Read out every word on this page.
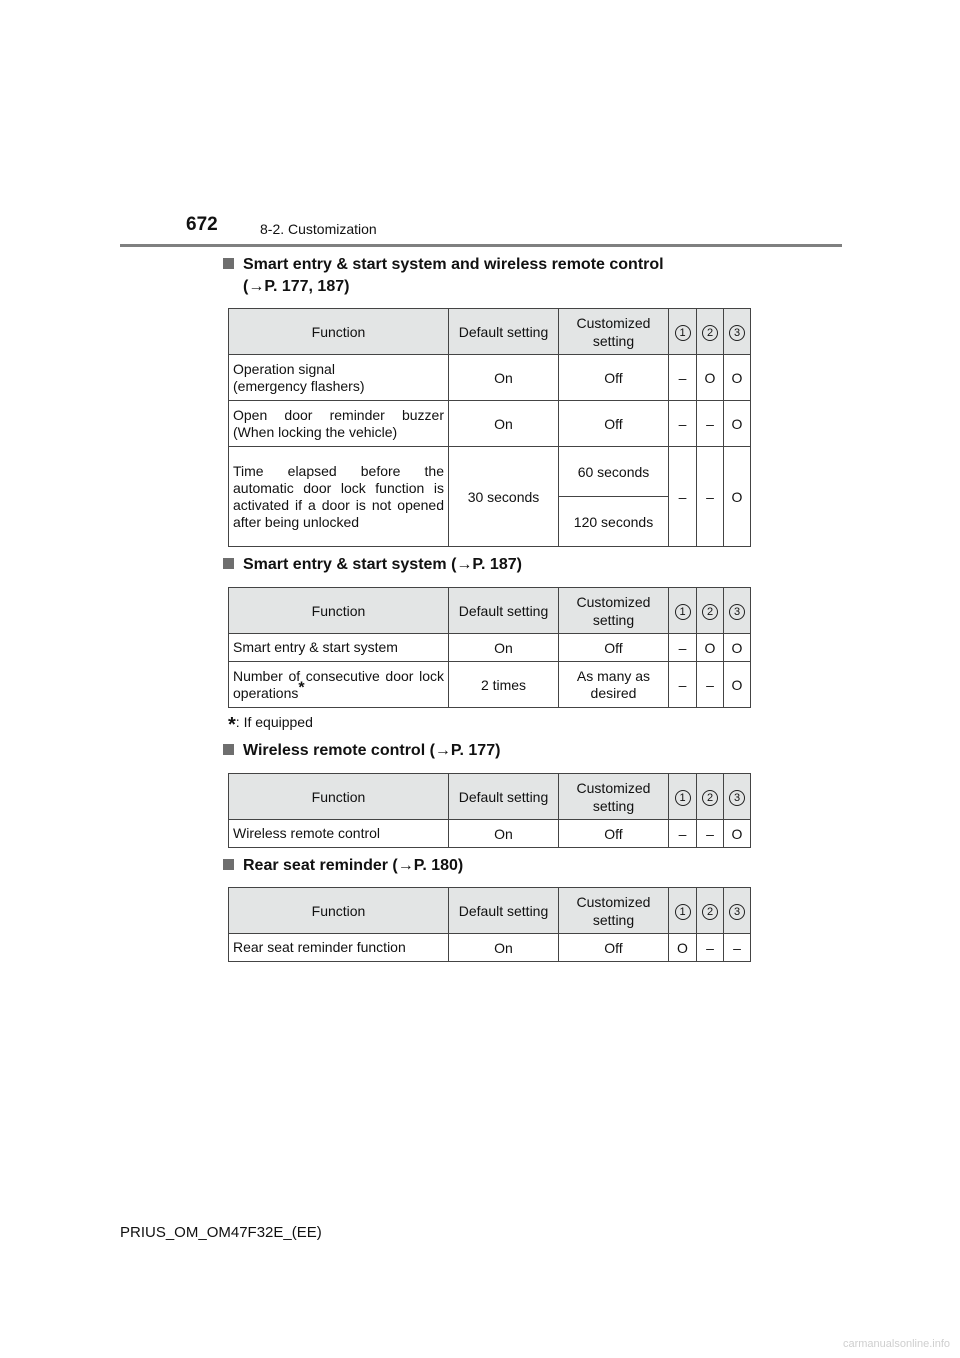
672	8-2. Customization
Smart entry & start system and wireless remote control
(→P. 177, 187)
Function	Default setting	Customized setting	1	2	3
Operation signal (emergency flashers)	On	Off	–	O	O
Open door reminder buzzer (When locking the vehicle)	On	Off	–	–	O
Time elapsed before the automatic door lock function is activated if a door is not opened after being unlocked	30 seconds	60 seconds	–	–	O
		120 seconds			
Smart entry & start system (→P. 187)
Function	Default setting	Customized setting	1	2	3
Smart entry & start system	On	Off	–	O	O
Number of consecutive door lock operations*	2 times	As many as desired	–	–	O
*: If equipped
Wireless remote control (→P. 177)
Function	Default setting	Customized setting	1	2	3
Wireless remote control	On	Off	–	–	O
Rear seat reminder (→P. 180)
Function	Default setting	Customized setting	1	2	3
Rear seat reminder function	On	Off	O	–	–
PRIUS_OM_OM47F32E_(EE)
carmanualsonline.info
